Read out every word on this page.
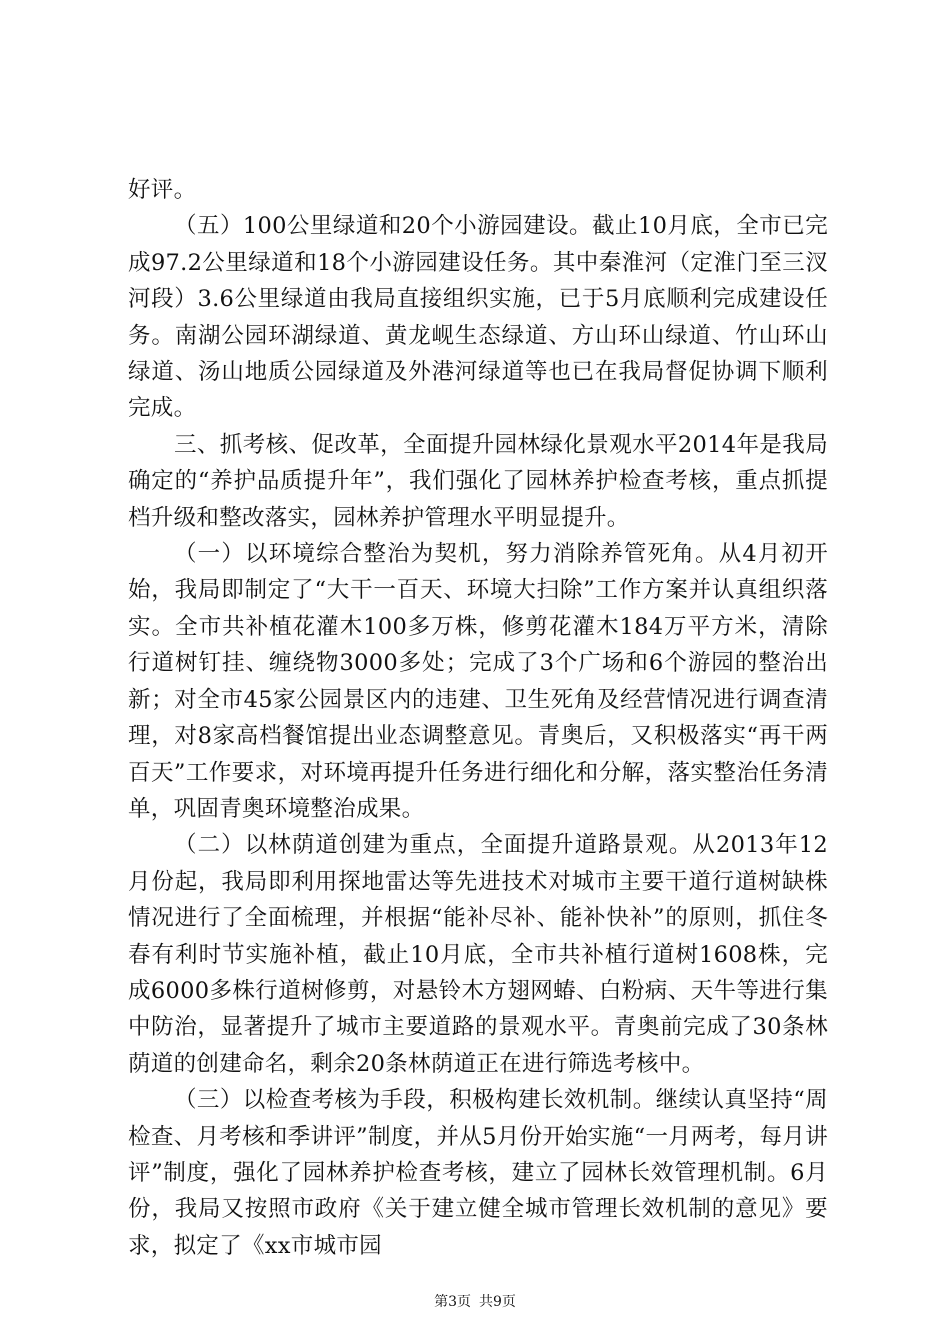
好评。

（五）100公里绿道和20个小游园建设。截止10月底，全市已完成97.2公里绿道和18个小游园建设任务。其中秦淮河（定淮门至三汊河段）3.6公里绿道由我局直接组织实施，已于5月底顺利完成建设任务。南湖公园环湖绿道、黄龙岘生态绿道、方山环山绿道、竹山环山绿道、汤山地质公园绿道及外港河绿道等也已在我局督促协调下顺利完成。

三、抓考核、促改革，全面提升园林绿化景观水平2014年是我局确定的“养护品质提升年”，我们强化了园林养护检查考核，重点抓提档升级和整改落实，园林养护管理水平明显提升。

（一）以环境综合整治为契机，努力消除养管死角。从4月初开始，我局即制定了“大干一百天、环境大扫除”工作方案并认真组织落实。全市共补植花灌木100多万株，修剪花灌木184万平方米，清除行道树钉挂、缠绕物3000多处；完成了3个广场和6个游园的整治出新；对全市45家公园景区内的违建、卫生死角及经营情况进行调查清理，对8家高档餐馆提出业态调整意见。青奥后，又积极落实“再干两百天”工作要求，对环境再提升任务进行细化和分解，落实整治任务清单，巩固青奥环境整治成果。

（二）以林荫道创建为重点，全面提升道路景观。从2013年12月份起，我局即利用探地雷达等先进技术对城市主要干道行道树缺株情况进行了全面梳理，并根据“能补尽补、能补快补”的原则，抓住冬春有利时节实施补植，截止10月底，全市共补植行道树1608株，完成6000多株行道树修剪，对悬铃木方翅网蝽、白粉病、天牛等进行集中防治，显著提升了城市主要道路的景观水平。青奥前完成了30条林荫道的创建命名，剩余20条林荫道正在进行筛选考核中。

（三）以检查考核为手段，积极构建长效机制。继续认真坚持“周检查、月考核和季讲评”制度，并从5月份开始实施“一月两考，每月讲评”制度，强化了园林养护检查考核，建立了园林长效管理机制。6月份，我局又按照市政府《关于建立健全城市管理长效机制的意见》要求，拟定了《xx市城市园

第3页 共9页
